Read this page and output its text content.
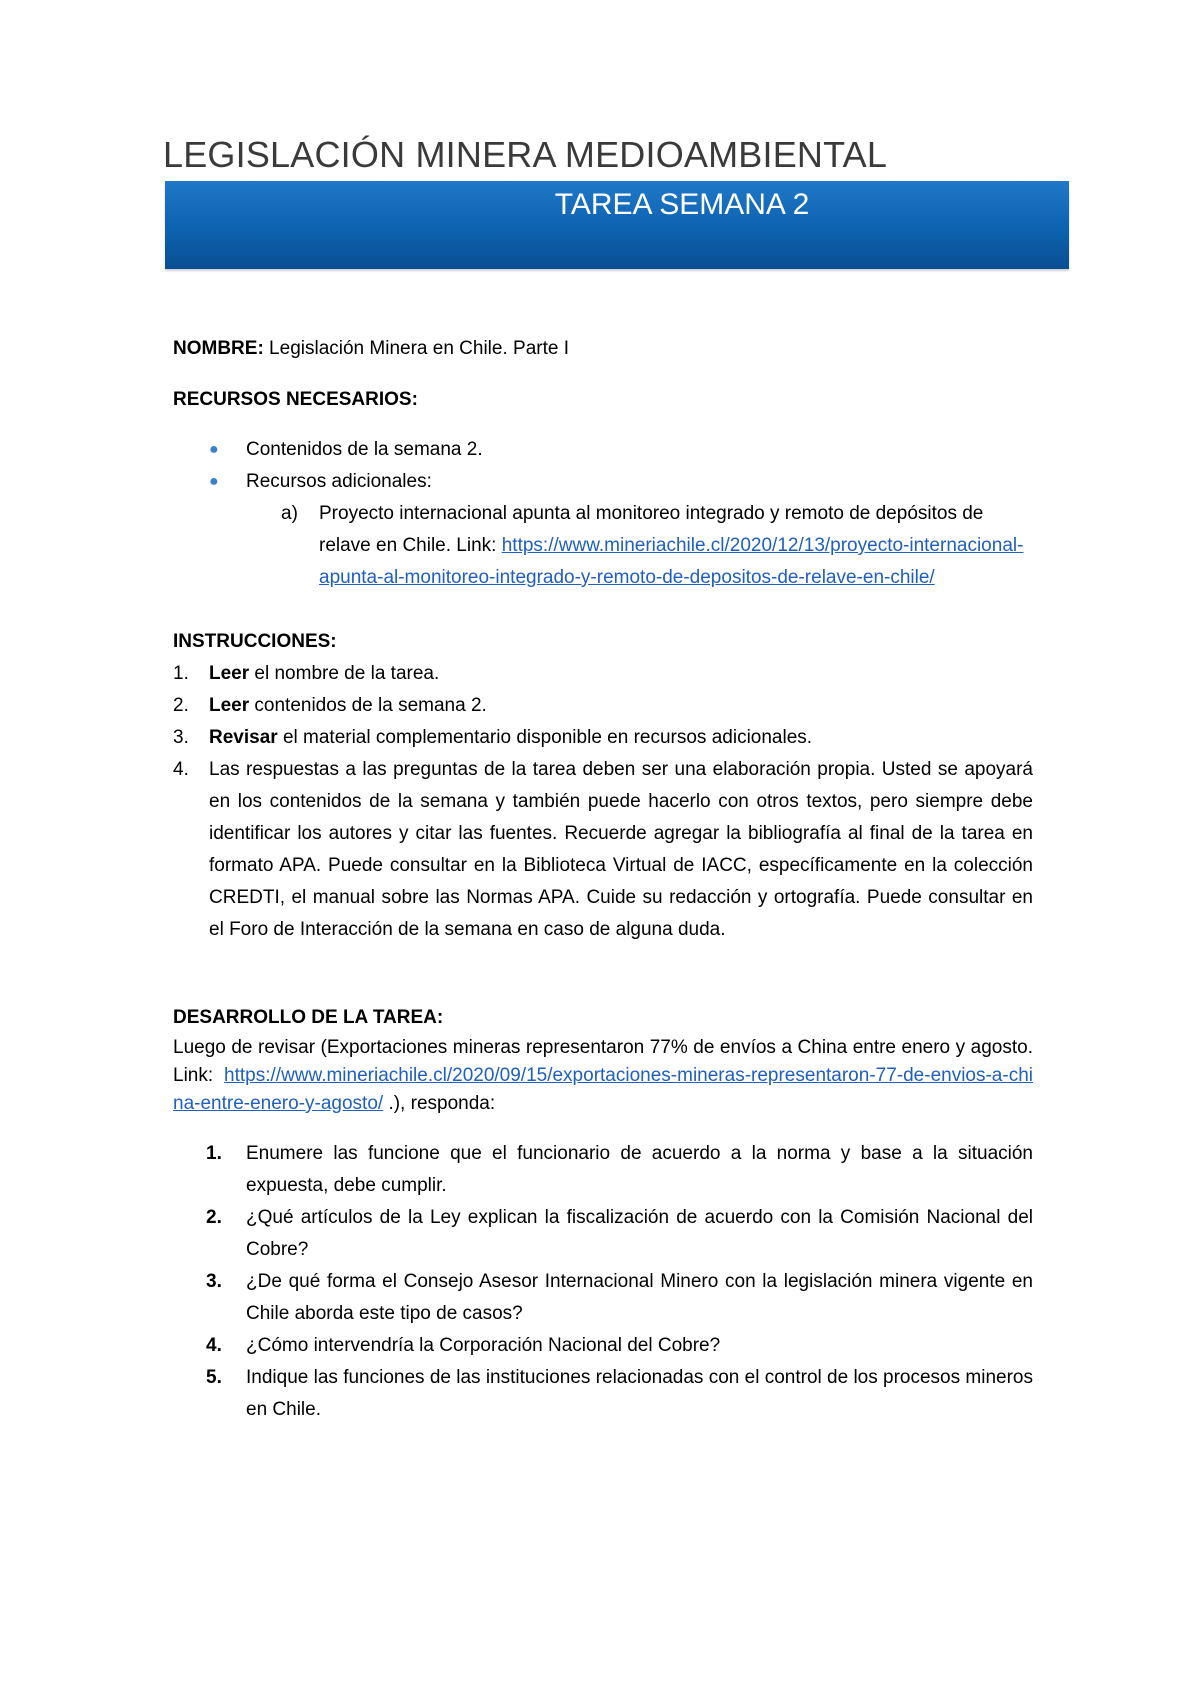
LEGISLACIÓN MINERA MEDIOAMBIENTAL
TAREA SEMANA 2
NOMBRE: Legislación Minera en Chile. Parte I
RECURSOS NECESARIOS:
● Contenidos de la semana 2.
● Recursos adicionales:
a) Proyecto internacional apunta al monitoreo integrado y remoto de depósitos de relave en Chile. Link: https://www.mineriachile.cl/2020/12/13/proyecto-internacional-apunta-al-monitoreo-integrado-y-remoto-de-depositos-de-relave-en-chile/
INSTRUCCIONES:
1. Leer el nombre de la tarea.
2. Leer contenidos de la semana 2.
3. Revisar el material complementario disponible en recursos adicionales.
4. Las respuestas a las preguntas de la tarea deben ser una elaboración propia. Usted se apoyará en los contenidos de la semana y también puede hacerlo con otros textos, pero siempre debe identificar los autores y citar las fuentes. Recuerde agregar la bibliografía al final de la tarea en formato APA. Puede consultar en la Biblioteca Virtual de IACC, específicamente en la colección CREDTI, el manual sobre las Normas APA. Cuide su redacción y ortografía. Puede consultar en el Foro de Interacción de la semana en caso de alguna duda.
DESARROLLO DE LA TAREA:
Luego de revisar (Exportaciones mineras representaron 77% de envíos a China entre enero y agosto. Link: https://www.mineriachile.cl/2020/09/15/exportaciones-mineras-representaron-77-de-envios-a-china-entre-enero-y-agosto/ .), responda:
1. Enumere las funcione que el funcionario de acuerdo a la norma y base a la situación expuesta, debe cumplir.
2. ¿Qué artículos de la Ley explican la fiscalización de acuerdo con la Comisión Nacional del Cobre?
3. ¿De qué forma el Consejo Asesor Internacional Minero con la legislación minera vigente en Chile aborda este tipo de casos?
4. ¿Cómo intervendría la Corporación Nacional del Cobre?
5. Indique las funciones de las instituciones relacionadas con el control de los procesos mineros en Chile.
